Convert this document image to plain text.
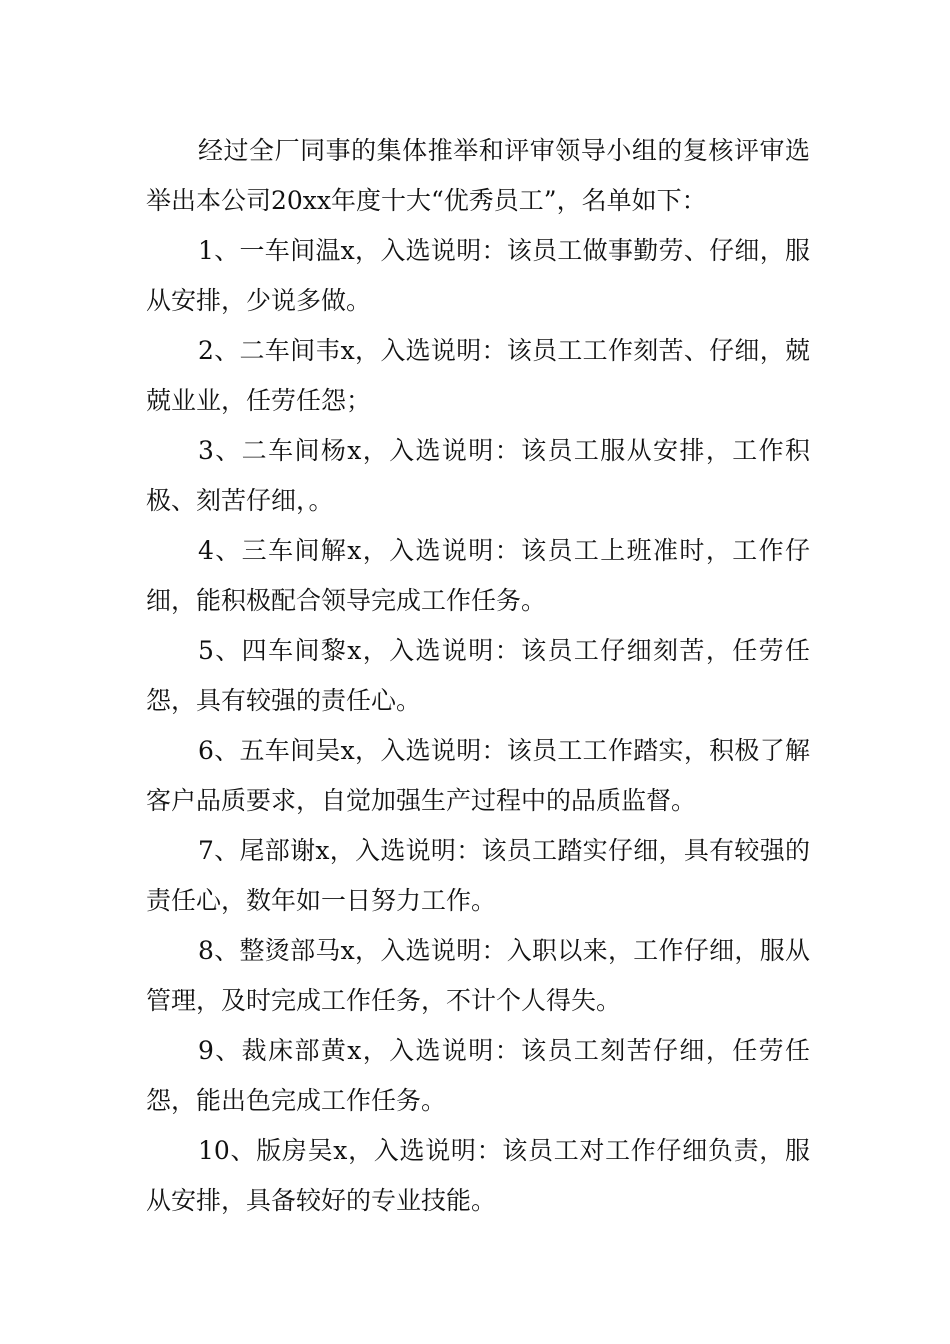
经过全厂同事的集体推举和评审领导小组的复核评审选举出本公司20xx年度十大“优秀员工”，名单如下：

1、一车间温x，入选说明：该员工做事勤劳、仔细，服从安排，少说多做。

2、二车间韦x，入选说明：该员工工作刻苦、仔细，兢兢业业，任劳任怨；

3、二车间杨x，入选说明：该员工服从安排，工作积极、刻苦仔细，。

4、三车间解x，入选说明：该员工上班准时，工作仔细，能积极配合领导完成工作任务。

5、四车间黎x，入选说明：该员工仔细刻苦，任劳任怨，具有较强的责任心。

6、五车间吴x，入选说明：该员工工作踏实，积极了解客户品质要求，自觉加强生产过程中的品质监督。

7、尾部谢x，入选说明：该员工踏实仔细，具有较强的责任心，数年如一日努力工作。

8、整烫部马x，入选说明：入职以来，工作仔细，服从管理，及时完成工作任务，不计个人得失。

9、裁床部黄x，入选说明：该员工刻苦仔细，任劳任怨，能出色完成工作任务。

10、版房吴x，入选说明：该员工对工作仔细负责，服从安排，具备较好的专业技能。
